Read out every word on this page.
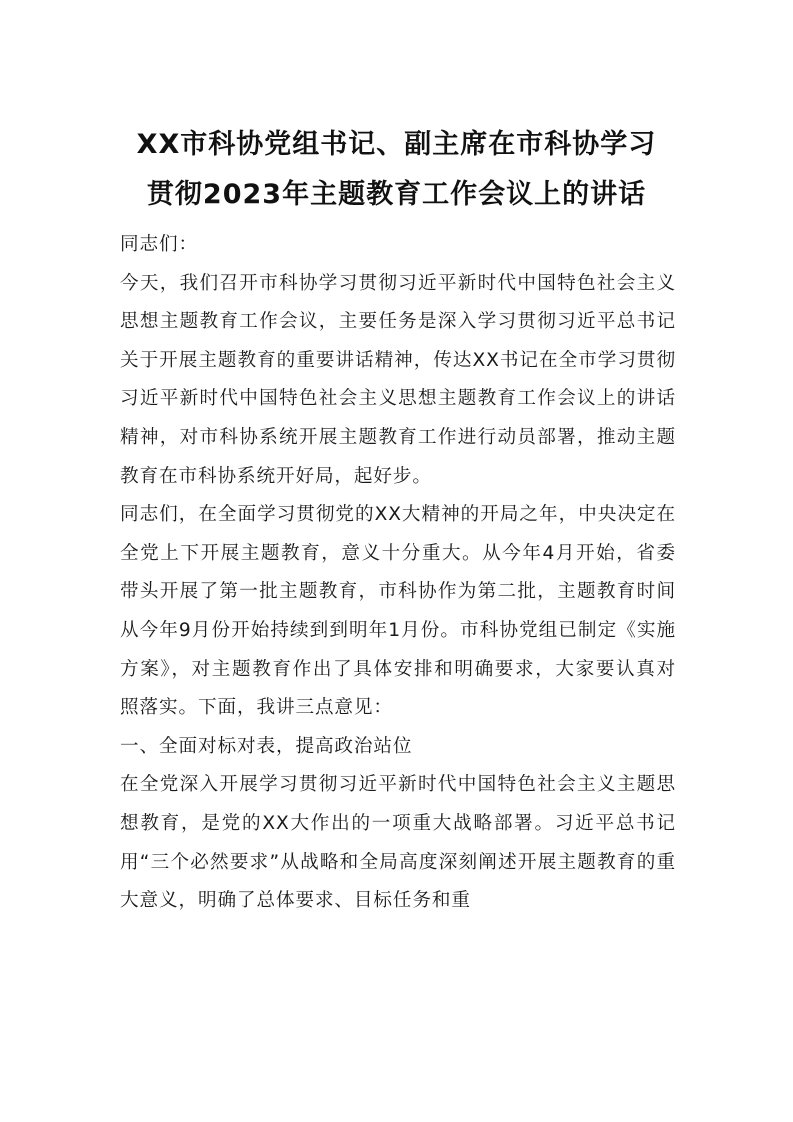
XX市科协党组书记、副主席在市科协学习
贯彻2023年主题教育工作会议上的讲话

同志们：

今天，我们召开市科协学习贯彻习近平新时代中国特色社会主义思想主题教育工作会议，主要任务是深入学习贯彻习近平总书记关于开展主题教育的重要讲话精神，传达XX书记在全市学习贯彻习近平新时代中国特色社会主义思想主题教育工作会议上的讲话精神，对市科协系统开展主题教育工作进行动员部署，推动主题教育在市科协系统开好局，起好步。

同志们，在全面学习贯彻党的XX大精神的开局之年，中央决定在全党上下开展主题教育，意义十分重大。从今年4月开始，省委带头开展了第一批主题教育，市科协作为第二批，主题教育时间从今年9月份开始持续到到明年1月份。市科协党组已制定《实施方案》，对主题教育作出了具体安排和明确要求，大家要认真对照落实。下面，我讲三点意见：

一、全面对标对表，提高政治站位

在全党深入开展学习贯彻习近平新时代中国特色社会主义主题思想教育，是党的XX大作出的一项重大战略部署。习近平总书记用“三个必然要求”从战略和全局高度深刻阐述开展主题教育的重大意义，明确了总体要求、目标任务和重
